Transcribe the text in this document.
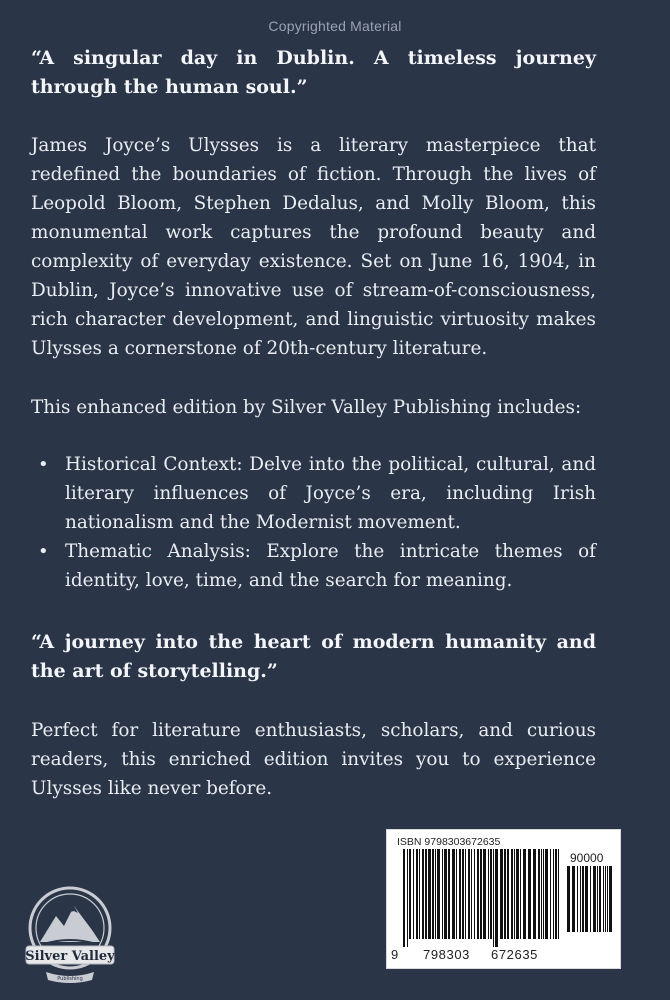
Copyrighted Material

“A singular day in Dublin. A timeless journey through the human soul.”

James Joyce’s Ulysses is a literary masterpiece that redefined the boundaries of fiction. Through the lives of Leopold Bloom, Stephen Dedalus, and Molly Bloom, this monumental work captures the profound beauty and complexity of everyday existence. Set on June 16, 1904, in Dublin, Joyce’s innovative use of stream-of-consciousness, rich character development, and linguistic virtuosity makes Ulysses a cornerstone of 20th-century literature.

This enhanced edition by Silver Valley Publishing includes:

• Historical Context: Delve into the political, cultural, and literary influences of Joyce’s era, including Irish nationalism and the Modernist movement.
• Thematic Analysis: Explore the intricate themes of identity, love, time, and the search for meaning.

“A journey into the heart of modern humanity and the art of storytelling.”

Perfect for literature enthusiasts, scholars, and curious readers, this enriched edition invites you to experience Ulysses like never before.

ISBN 9798303672635
90000
9 798303 672635
Silver Valley
Publishing
